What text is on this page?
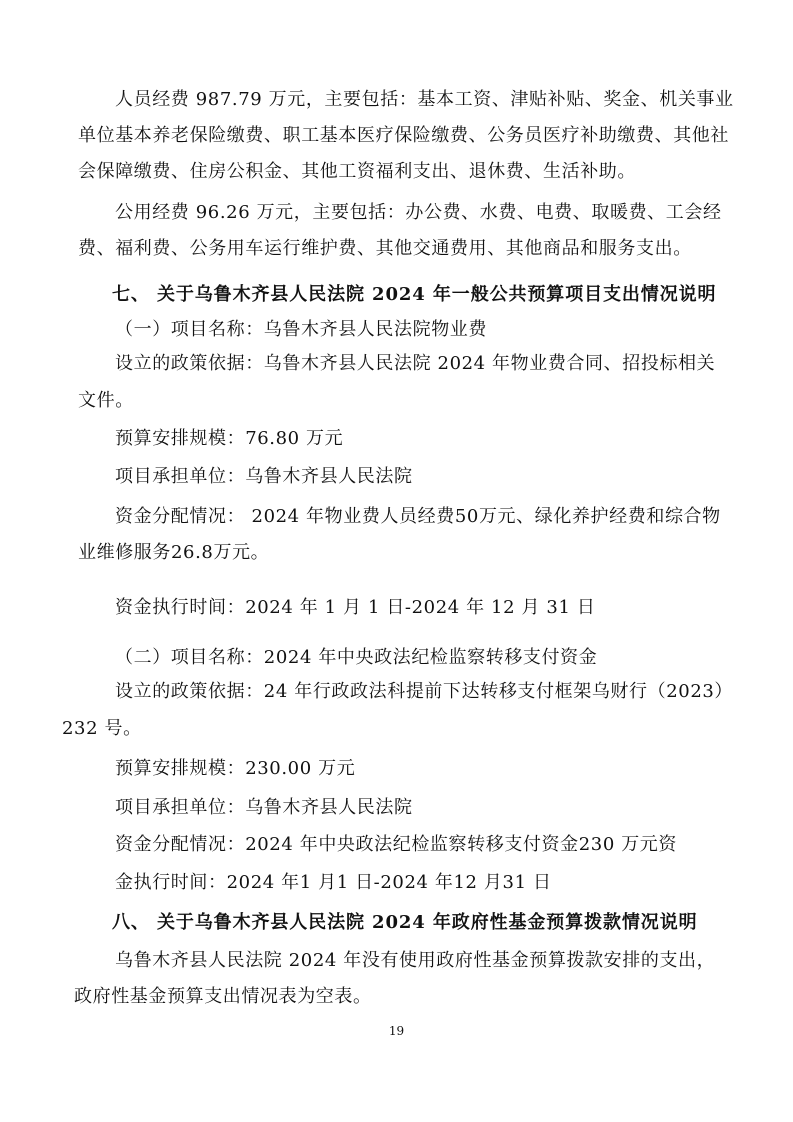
人员经费 987.79 万元，主要包括：基本工资、津贴补贴、奖金、机关事业
单位基本养老保险缴费、职工基本医疗保险缴费、公务员医疗补助缴费、其他社
会保障缴费、住房公积金、其他工资福利支出、退休费、生活补助。
公用经费 96.26 万元，主要包括：办公费、水费、电费、取暖费、工会经
费、福利费、公务用车运行维护费、其他交通费用、其他商品和服务支出。
七、 关于乌鲁木齐县人民法院 2024 年一般公共预算项目支出情况说明
（一）项目名称：乌鲁木齐县人民法院物业费
设立的政策依据：乌鲁木齐县人民法院 2024 年物业费合同、招投标相关
文件。
预算安排规模：76.80 万元
项目承担单位：乌鲁木齐县人民法院
资金分配情况： 2024 年物业费人员经费50万元、绿化养护经费和综合物
业维修服务26.8万元。
资金执行时间：2024 年 1 月 1 日-2024 年 12 月 31 日
（二）项目名称：2024 年中央政法纪检监察转移支付资金
设立的政策依据：24 年行政政法科提前下达转移支付框架乌财行（2023）
232 号。
预算安排规模：230.00 万元
项目承担单位：乌鲁木齐县人民法院
资金分配情况：2024 年中央政法纪检监察转移支付资金230 万元资
金执行时间：2024 年1 月1 日-2024 年12 月31 日
八、 关于乌鲁木齐县人民法院 2024 年政府性基金预算拨款情况说明
乌鲁木齐县人民法院 2024 年没有使用政府性基金预算拨款安排的支出，
政府性基金预算支出情况表为空表。
19
